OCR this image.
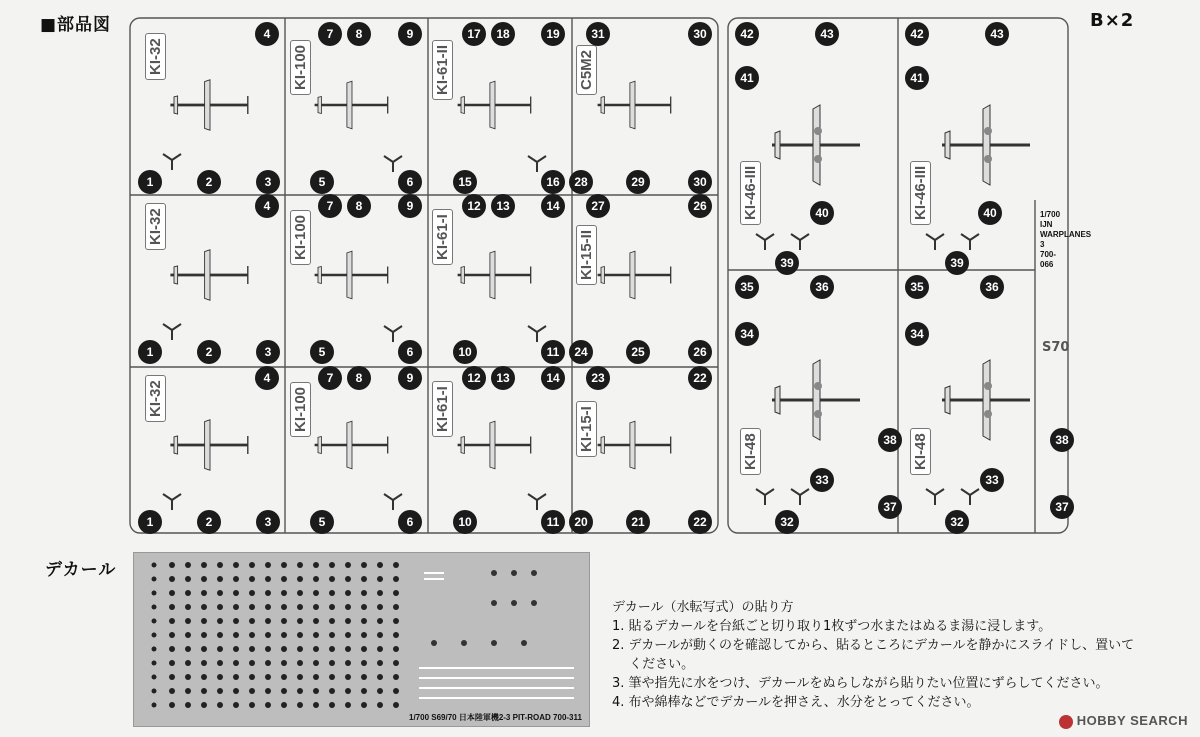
■部品図	B×2
KI-32	KI-100	KI-61-II	C5M2
KI-32	KI-100	KI-61-I	KI-15-II
KI-32	KI-100	KI-61-I	KI-15-I
KI-46-III	KI-46-III
KI-48	KI-48
1/700
IJN WARPLANES 3
700-066
S70
4	7	8	9	17	18	19	31	30
1	2	3	5	6	15	16	28	29	30
4	7	8	9	12	13	14	27	26
1	2	3	5	6	10	11	24	25	26
4	7	8	9	12	13	14	23	22
1	2	3	5	6	10	11	20	21	22
42	43
41
40
39
35	36
34
38
33
37
32
42	43
41
40
39
35	36
34
38
33
37
32
デカール
1/700 S69/70 日本陸軍機2-3 PIT-ROAD 700-311
デカール（水転写式）の貼り方
1. 貼るデカールを台紙ごと切り取り1枚ずつ水またはぬるま湯に浸します。
2. デカールが動くのを確認してから、貼るところにデカールを静かにスライドし、置いて
　 ください。
3. 筆や指先に水をつけ、デカールをぬらしながら貼りたい位置にずらしてください。
4. 布や綿棒などでデカールを押さえ、水分をとってください。
HOBBY SEARCH
